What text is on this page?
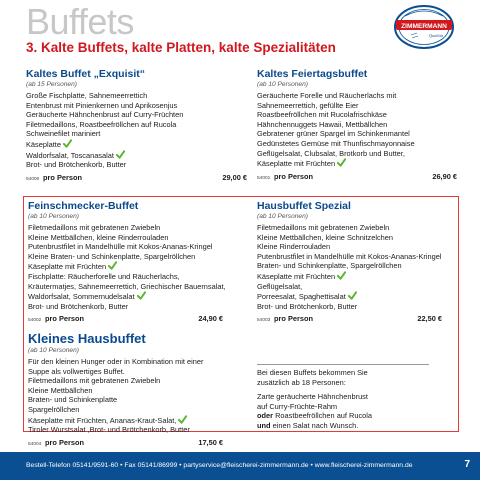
Buffets
3. Kalte Buffets, kalte Platten, kalte Spezialitäten
ZIMMERMANN
Qualität
Kaltes Buffet „Exquisit“
(ab 15 Personen)
Große Fischplatte, Sahnemeerrettich
Entenbrust mit Pinienkernen und Aprikosenjus
Geräucherte Hähnchenbrust auf Curry-Früchten
Filetmedaillons, Roastbeefröllchen auf Rucola
Schweinefilet mariniert
Käseplatte
Waldorfsalat, Toscanasalat
Brot- und Brötchenkorb, Butter
54000 pro Person	29,00 €
Kaltes Feiertagsbuffet
(ab 10 Personen)
Geräucherte Forelle und Räucherlachs mit
Sahnemeerrettich, gefüllte Eier
Roastbeefröllchen mit Rucolafrischkäse
Hähnchennuggets Hawaii, Mettbällchen
Gebratener grüner Spargel im Schinkenmantel
Gedünstetes Gemüse mit Thunfischmayonnaise
Geflügelsalat, Clubsalat, Brotkorb und Butter,
Käseplatte mit Früchten
54001 pro Person	26,90 €
Feinschmecker-Buffet
(ab 10 Personen)
Filetmedaillons mit gebratenen Zwiebeln
Kleine Mettbällchen, kleine Rinderrouladen
Putenbrustfilet in Mandelhülle mit Kokos-Ananas-Kringel
Kleine Braten- und Schinkenplatte, Spargelröllchen
Käseplatte mit Früchten
Fischplatte: Räucherforelle und Räucherlachs,
Kräutermatjes, Sahnemeerrettich, Griechischer Bauernsalat,
Waldorfsalat, Sommernudelsalat
Brot- und Brötchenkorb, Butter
54002 pro Person	24,90 €
Hausbuffet Spezial
(ab 10 Personen)
Filetmedaillons mit gebratenen Zwiebeln
Kleine Mettbällchen, kleine Schnitzelchen
Kleine Rinderrouladen
Putenbrustfilet in Mandelhülle mit Kokos-Ananas-Kringel
Braten- und Schinkenplatte, Spargelröllchen
Käseplatte mit Früchten
Geflügelsalat,
Porreesalat, Spaghettisalat
Brot- und Brötchenkorb, Butter
54003 pro Person	22,50 €
Kleines Hausbuffet
(ab 10 Personen)
Für den kleinen Hunger oder in Kombination mit einer
Suppe als vollwertiges Buffet.
Filetmedaillons mit gebratenen Zwiebeln
Kleine Mettbällchen
Braten- und Schinkenplatte
Spargelröllchen
Käseplatte mit Früchten, Ananas-Kraut-Salat,
Tiroler Wurstsalat ,Brot- und Brötchenkorb, Butter
54004 pro Person	17,50 €
Bei diesen Buffets bekommen Sie
zusätzlich ab 18 Personen:
Zarte geräucherte Hähnchenbrust
auf Curry-Früchte-Rahm
oder Roastbeefröllchen auf Rucola
und einen Salat nach Wunsch.
Bestell-Telefon 05141/9591-60 • Fax 05141/86999 • partyservice@fleischerei-zimmermann.de • www.fleischerei-zimmermann.de	7
